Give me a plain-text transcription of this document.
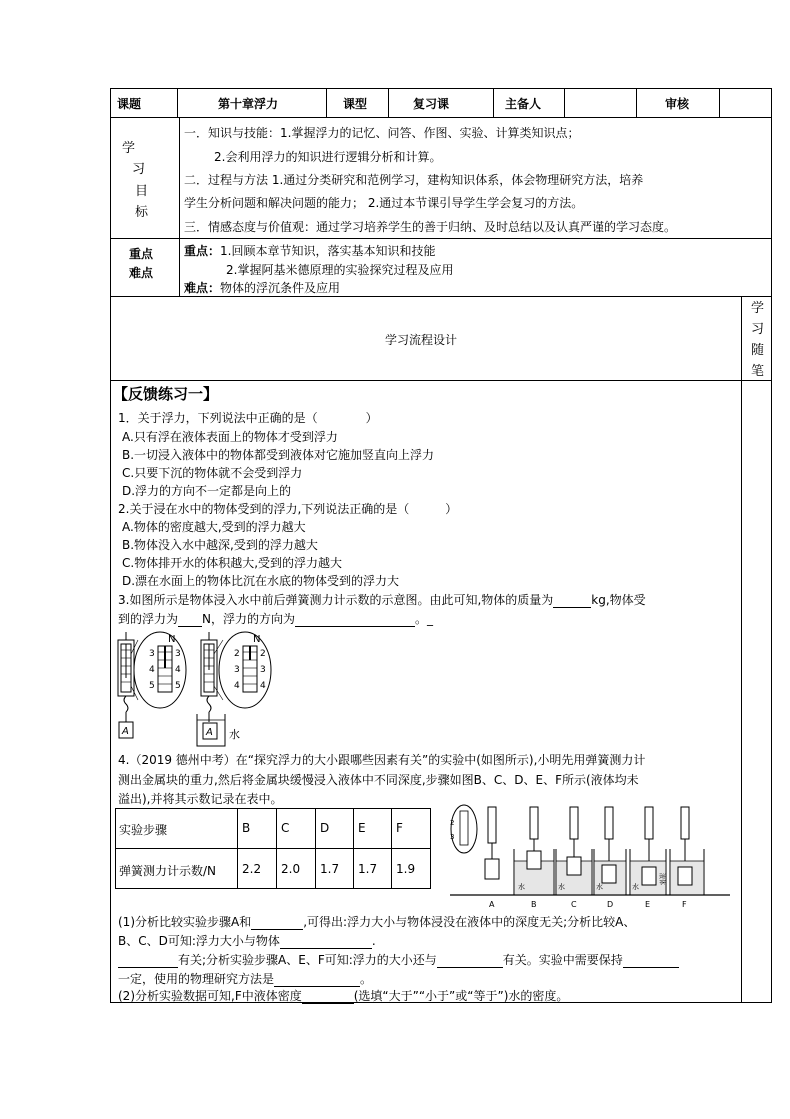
课题	第十章浮力	课型	复习课	主备人	审核
学
习
目
标
一．知识与技能：1.掌握浮力的记忆、问答、作图、实验、计算类知识点；
2.会利用浮力的知识进行逻辑分析和计算。
二．过程与方法 1.通过分类研究和范例学习，建构知识体系，体会物理研究方法，培养
学生分析问题和解决问题的能力； 2.通过本节课引导学生学会复习的方法。
三．情感态度与价值观：通过学习培养学生的善于归纳、及时总结以及认真严谨的学习态度。
重点
难点
重点：1.回顾本章节知识，落实基本知识和技能
2.掌握阿基米德原理的实验探究过程及应用
难点：物体的浮沉条件及应用
学习流程设计
学
习
随
笔
【反馈练习一】
1．关于浮力，下列说法中正确的是（　　　　）
A.只有浮在液体表面上的物体才受到浮力
B.一切浸入液体中的物体都受到液体对它施加竖直向上浮力
C.只要下沉的物体就不会受到浮力
D.浮力的方向不一定都是向上的
2.关于浸在水中的物体受到的浮力,下列说法正确的是（　　　）
A.物体的密度越大,受到的浮力越大
B.物体没入水中越深,受到的浮力越大
C.物体排开水的体积越大,受到的浮力越大
D.漂在水面上的物体比沉在水底的物体受到的浮力大
3.如图所示是物体浸入水中前后弹簧测力计示数的示意图。由此可知,物体的质量为	kg,物体受
到的浮力为 N，浮力的方向为	。_
N
3
4
5
3
4
5
A
N
2
3
4
2
3
4
A 水
4.（2019 德州中考）在“探究浮力的大小跟哪些因素有关”的实验中(如图所示),小明先用弹簧测力计
测出金属块的重力,然后将金属块缓慢浸入液体中不同深度,步骤如图B、C、D、E、F所示(液体均未
溢出),并将其示数记录在表中。
实验步骤	B	C	D E	F
弹簧测力计示数/N 2.2 2.0 1.7 1.7 1.9
2
3
水	水	水	水
液体
A	B	C	D	E	F
(1)分析比较实验步骤A和	,可得出:浮力大小与物体浸没在液体中的深度无关;分析比较A、
B、C、D可知:浮力大小与物体	.
有关;分析实验步骤A、E、F可知:浮力的大小还与	有关。实验中需要保持
一定，使用的物理研究方法是	。
(2)分析实验数据可知,F中液体密度	(选填“大于”“小于”或“等于”)水的密度。
